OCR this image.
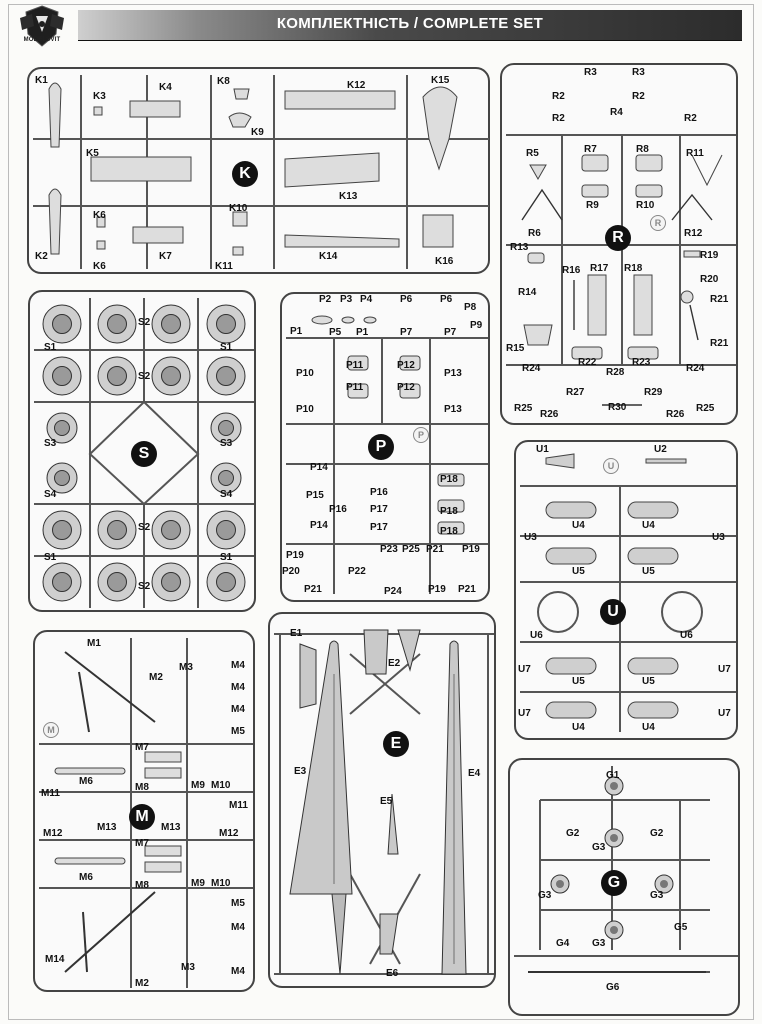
MODELSVIT
КОМПЛЕКТНІСТЬ / COMPLETE SET
K
K1
K2
K3
K4
K5
K6
K6
K7
K8
K9
K10
K11
K12
K13
K14
K15
K16
R
R
R3	R3
R2	R2
R4
R2	R2
R5
R6
R7	R8
R9	R10
R11
R12
R13
R14
R15
R16 R17 R18
R19
R20
R21
R21
R22	R23
R24	R24
R25
R26
R27
R28
R29
R30
R26
R25
S
S1
S2
S1
S2
S3	S3
S4	S4
S2
S1
S2
S1
P
P
P2 P3 P4	P6	P6
P8
P9
P1	P5 P1	P7	P7
P10
P11	P12
P13
P10
P11	P12
P13
P14
P15	P16
P16 P17
P17
P14
P18
P18
P18
P19
P23 P25 P21 P19
P20	P22
P21	P24	P19 P21
U
U
U1	U2
U4	U4
U3	U3
U5	U5
U6	U6
U7
U5	U5
U7
U7
U4	U4
U7
M
M
M1
M2
M3	M4
M4
M4
M5
M6
M7
M8	M9 M10
M11
M12
M13	M13
M11
M12
M6
M7
M8	M9 M10
M5
M4
M14
M3	M4
M2
E
E1
E2
E3	E4
E5
E6
G
G1
G2	G2
G3
G3	G3
G4 G3
G5
G6
